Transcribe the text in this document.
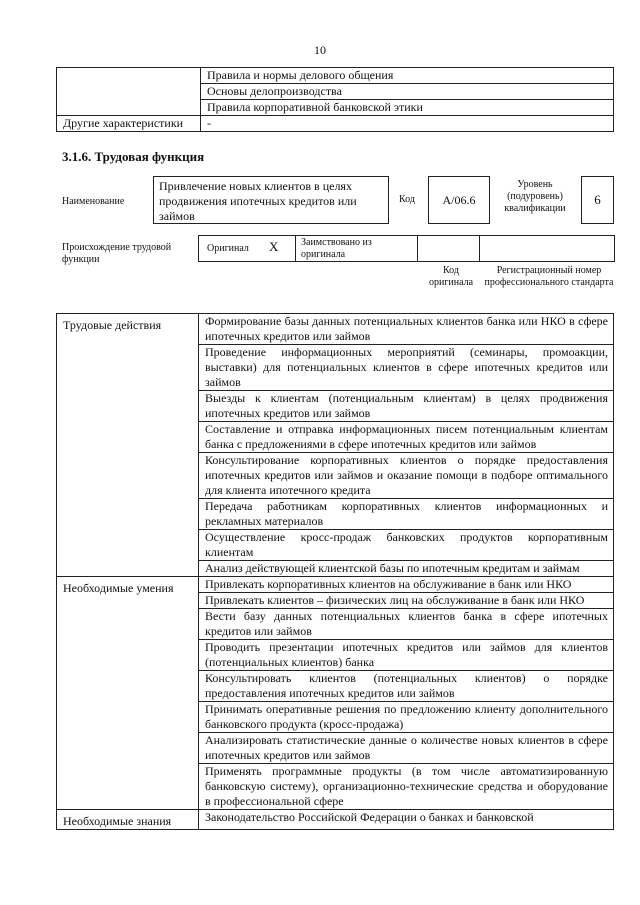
10
	Правила и нормы делового общения
	Основы делопроизводства
	Правила корпоративной банковской этики
Другие характеристики	-
3.1.6. Трудовая функция
Наименование
Привлечение новых клиентов в целях продвижения ипотечных кредитов или займов
Код	A/06.6
Уровень (подуровень) квалификации
6
Происхождение трудовой функции
Оригинал X Заимствовано из оригинала
Код оригинала
Регистрационный номер профессионального стандарта
Трудовые действия	Формирование базы данных потенциальных клиентов банка или НКО в сфере ипотечных кредитов или займов
	Проведение информационных мероприятий (семинары, промоакции, выставки) для потенциальных клиентов в сфере ипотечных кредитов или займов
	Выезды к клиентам (потенциальным клиентам) в целях продвижения ипотечных кредитов или займов
	Составление и отправка информационных писем потенциальным клиентам банка с предложениями в сфере ипотечных кредитов или займов
	Консультирование корпоративных клиентов о порядке предоставления ипотечных кредитов или займов и оказание помощи в подборе оптимального для клиента ипотечного кредита
	Передача работникам корпоративных клиентов информационных и рекламных материалов
	Осуществление кросс-продаж банковских продуктов корпоративным клиентам
	Анализ действующей клиентской базы по ипотечным кредитам и займам
Необходимые умения	Привлекать корпоративных клиентов на обслуживание в банк или НКО
	Привлекать клиентов – физических лиц на обслуживание в банк или НКО
	Вести базу данных потенциальных клиентов банка в сфере ипотечных кредитов или займов
	Проводить презентации ипотечных кредитов или займов для клиентов (потенциальных клиентов) банка
	Консультировать клиентов (потенциальных клиентов) о порядке предоставления ипотечных кредитов или займов
	Принимать оперативные решения по предложению клиенту дополнительного банковского продукта (кросс-продажа)
	Анализировать статистические данные о количестве новых клиентов в сфере ипотечных кредитов или займов
	Применять программные продукты (в том числе автоматизированную банковскую систему), организационно-технические средства и оборудование в профессиональной сфере
Необходимые знания	Законодательство Российской Федерации о банках и банковской
